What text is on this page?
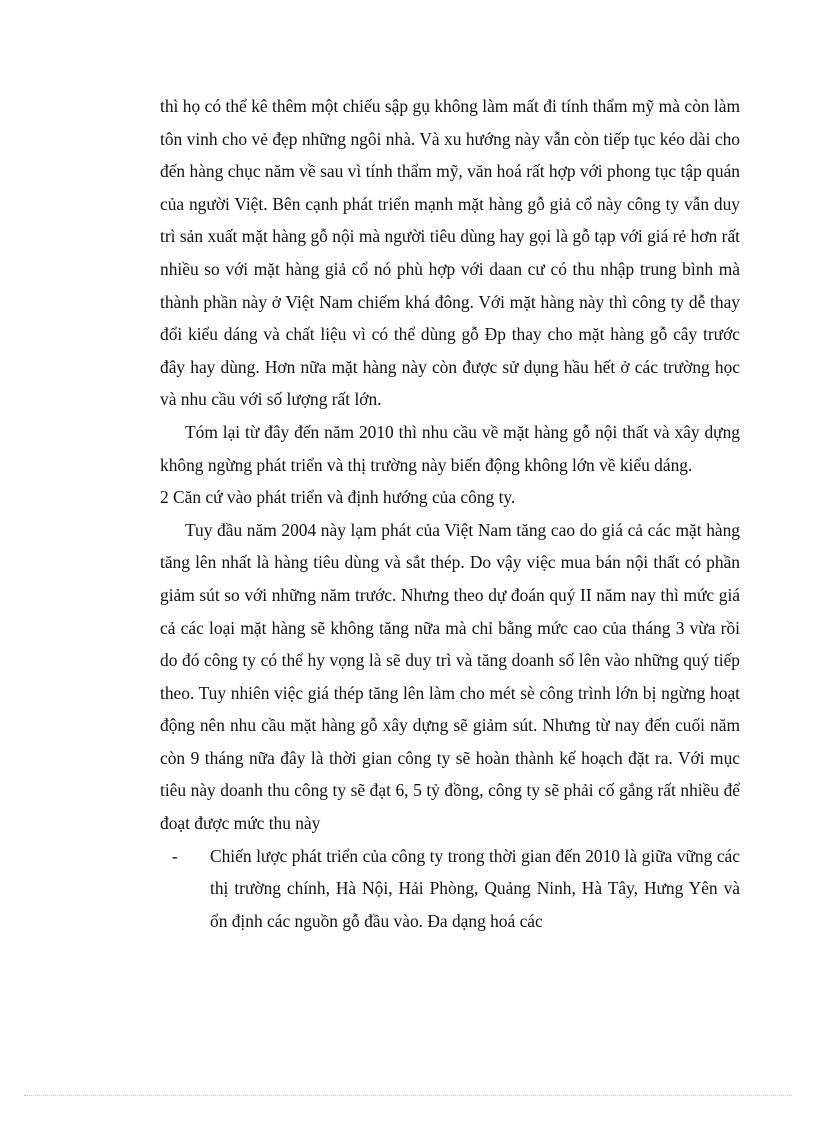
thì họ có thể kê thêm một chiếu sập gụ không làm mất đi tính thẩm mỹ mà còn làm tôn vinh cho vẻ đẹp những ngôi nhà. Và xu hướng này vẫn còn tiếp tục kéo dài cho đến hàng chục năm về sau vì tính thẩm mỹ, văn hoá rất hợp với phong tục tập quán của người Việt. Bên cạnh phát triển mạnh mặt hàng gỗ giả cổ này công ty vẫn duy trì sản xuất mặt hàng gỗ nội mà người tiêu dùng hay gọi là gỗ tạp với giá rẻ hơn rất nhiều so với mặt hàng giả cổ nó phù hợp với daan cư có thu nhập trung bình mà thành phần này ở Việt Nam chiếm khá đông. Với mặt hàng này thì công ty dễ thay đổi kiểu dáng và chất liệu vì có thể dùng gỗ Đp thay cho mặt hàng gỗ cây trước đây hay dùng. Hơn nữa mặt hàng này còn được sử dụng hầu hết ở các trường học và nhu cầu với số lượng rất lớn.

Tóm lại từ đây đến năm 2010 thì nhu cầu về mặt hàng gỗ nội thất và xây dựng không ngừng phát triển và thị trường này biến động không lớn về kiểu dáng.

2 Căn cứ vào phát triển và định hướng của công ty.

Tuy đầu năm 2004 này lạm phát của Việt Nam tăng cao do giá cả các mặt hàng tăng lên nhất là hàng tiêu dùng và sắt thép. Do vậy việc mua bán nội thất có phần giảm sút so với những năm trước. Nhưng theo dự đoán quý II năm nay thì mức giá cả các loại mặt hàng sẽ không tăng nữa mà chỉ bằng mức cao của tháng 3 vừa rồi do đó công ty có thể hy vọng là sẽ duy trì và tăng doanh số lên vào những quý tiếp theo. Tuy nhiên việc giá thép tăng lên làm cho mét sè công trình lớn bị ngừng hoạt động nên nhu cầu mặt hàng gỗ xây dựng sẽ giảm sút. Nhưng từ nay đến cuối năm còn 9 tháng nữa đây là thời gian công ty sẽ hoàn thành kế hoạch đặt ra. Với mục tiêu này doanh thu công ty sẽ đạt 6, 5 tỷ đồng, công ty sẽ phải cố gắng rất nhiều để đoạt được mức thu này

- Chiến lược phát triển của công ty trong thời gian đến 2010 là giữa vững các thị trường chính, Hà Nội, Hải Phòng, Quảng Ninh, Hà Tây, Hưng Yên và ổn định các nguồn gỗ đầu vào. Đa dạng hoá các
